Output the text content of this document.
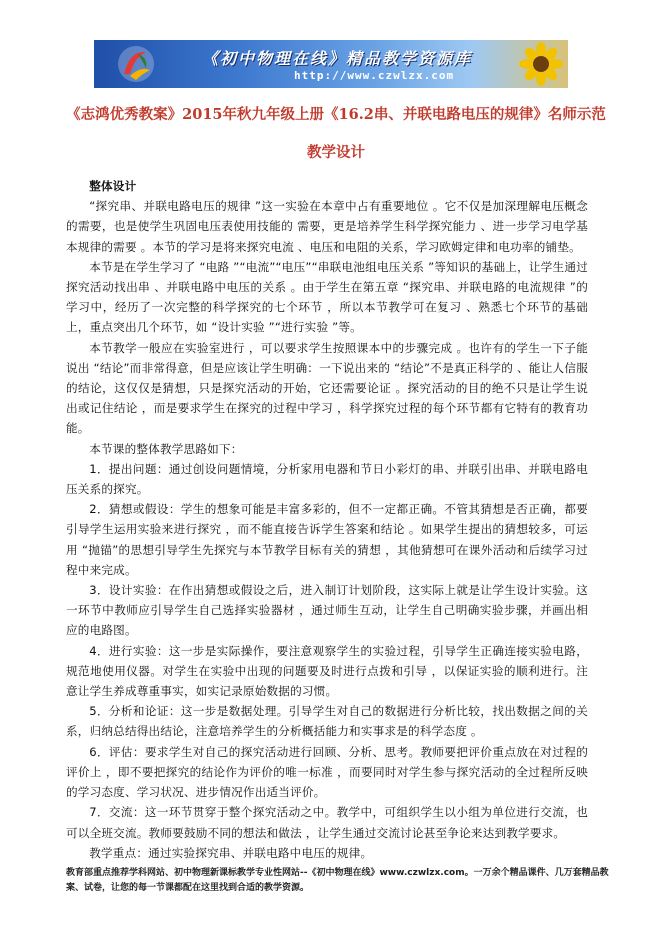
《初中物理在线》精品教学资源库
http://www.czwlzx.com
《志鸿优秀教案》2015年秋九年级上册《16.2串、并联电路电压的规律》名师示范教学设计

整体设计

“探究串、并联电路电压的规律 ”这一实验在本章中占有重要地位 。它不仅是加深理解电压概念的需要，也是使学生巩固电压表使用技能的 需要，更是培养学生科学探究能力 、进一步学习电学基本规律的需要 。本节的学习是将来探究电流 、电压和电阻的关系，学习欧姆定律和电功率的铺垫。

本节是在学生学习了 “电路 ”“电流”“电压”“串联电池组电压关系 ”等知识的基础上，让学生通过探究活动找出串 、并联电路中电压的关系 。由于学生在第五章 “探究串、并联电路的电流规律 ”的学习中，经历了一次完整的科学探究的七个环节 ，所以本节教学可在复习 、熟悉七个环节的基础上，重点突出几个环节，如 “设计实验 ”“进行实验 ”等。

本节教学一般应在实验室进行 ，可以要求学生按照课本中的步骤完成 。也许有的学生一下子能说出 “结论”而非常得意，但是应该让学生明确：一下说出来的 “结论”不是真正科学的 、能让人信服的结论，这仅仅是猜想，只是探究活动的开始，它还需要论证 。探究活动的目的绝不只是让学生说出或记住结论 ，而是要求学生在探究的过程中学习 ，科学探究过程的每个环节都有它特有的教育功能。

本节课的整体教学思路如下：

1．提出问题：通过创设问题情境，分析家用电器和节日小彩灯的串、并联引出串、并联电路电压关系的探究。

2．猜想或假设：学生的想象可能是丰富多彩的，但不一定都正确。不管其猜想是否正确，都要引导学生运用实验来进行探究 ，而不能直接告诉学生答案和结论 。如果学生提出的猜想较多，可运用 “抛锚”的思想引导学生先探究与本节教学目标有关的猜想 ，其他猜想可在课外活动和后续学习过程中来完成。

3．设计实验：在作出猜想或假设之后，进入制订计划阶段，这实际上就是让学生设计实验。这一环节中教师应引导学生自己选择实验器材 ，通过师生互动，让学生自己明确实验步骤，并画出相应的电路图。

4．进行实验：这一步是实际操作，要注意观察学生的实验过程，引导学生正确连接实验电路，规范地使用仪器。对学生在实验中出现的问题要及时进行点拨和引导 ，以保证实验的顺利进行。注意让学生养成尊重事实，如实记录原始数据的习惯。

5．分析和论证：这一步是数据处理。引导学生对自己的数据进行分析比较，找出数据之间的关系，归纳总结得出结论，注意培养学生的分析概括能力和实事求是的科学态度 。

6．评估：要求学生对自己的探究活动进行回顾、分析、思考。教师要把评价重点放在对过程的评价上 ，即不要把探究的结论作为评价的唯一标准 ，而要同时对学生参与探究活动的全过程所反映的学习态度、学习状况、进步情况作出适当评价。

7．交流：这一环节贯穿于整个探究活动之中。教学中，可组织学生以小组为单位进行交流，也可以全班交流。教师要鼓励不同的想法和做法 ，让学生通过交流讨论甚至争论来达到教学要求。

教学重点：通过实验探究串、并联电路中电压的规律。

教育部重点推荐学科网站、初中物理新课标教学专业性网站--《初中物理在线》www.czwlzx.com。一万余个精品课件、几万套精品教案、试卷，让您的每一节课都配在这里找到合适的教学资源。
